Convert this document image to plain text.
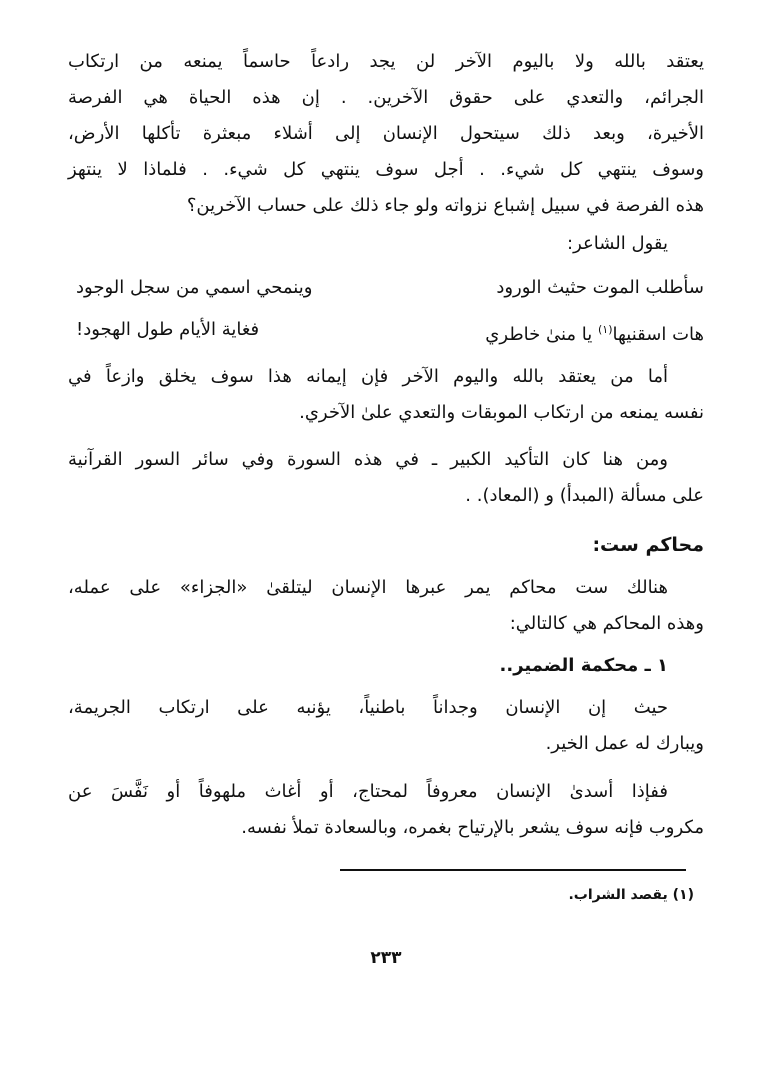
يعتقد بالله ولا باليوم الآخر لن يجد رادعاً حاسماً يمنعه من ارتكاب
الجرائم، والتعدي على حقوق الآخرين. . إن هذه الحياة هي الفرصة
الأخيرة، وبعد ذلك سيتحول الإنسان إلى أشلاء مبعثرة تأكلها الأرض،
وسوف ينتهي كل شيء. . أجل سوف ينتهي كل شيء. . فلماذا لا ينتهز
هذه الفرصة في سبيل إشباع نزواته ولو جاء ذلك على حساب الآخرين؟
يقول الشاعر:
سأطلب الموت حثيث الورود
وينمحي اسمي من سجل الوجود
هات اسقنيها$^{(١)}$ يا منىٰ خاطري
فغاية الأيام طول الهجود!
أما من يعتقد بالله واليوم الآخر فإن إيمانه هذا سوف يخلق وازعاً في
نفسه يمنعه من ارتكاب الموبقات والتعدي علىٰ الآخري.
ومن هنا كان التأكيد الكبير ـ في هذه السورة وفي سائر السور القرآنية
على مسألة (المبدأ) و (المعاد). .
محاكم ست:
هنالك ست محاكم يمر عبرها الإنسان ليتلقىٰ «الجزاء» على عمله،
وهذه المحاكم هي كالتالي:
١ ـ محكمة الضمير..
حيث إن الإنسان وجداناً باطنياً، يؤنبه على ارتكاب الجريمة،
ويبارك له عمل الخير.
ففإذا أسدىٰ الإنسان معروفاً لمحتاج، أو أغاث ملهوفاً أو نَفَّسَ عن
مكروب فإنه سوف يشعر بالإرتياح بغمره، وبالسعادة تملأ نفسه.
(١) يقصد الشراب.
٢٣٣
